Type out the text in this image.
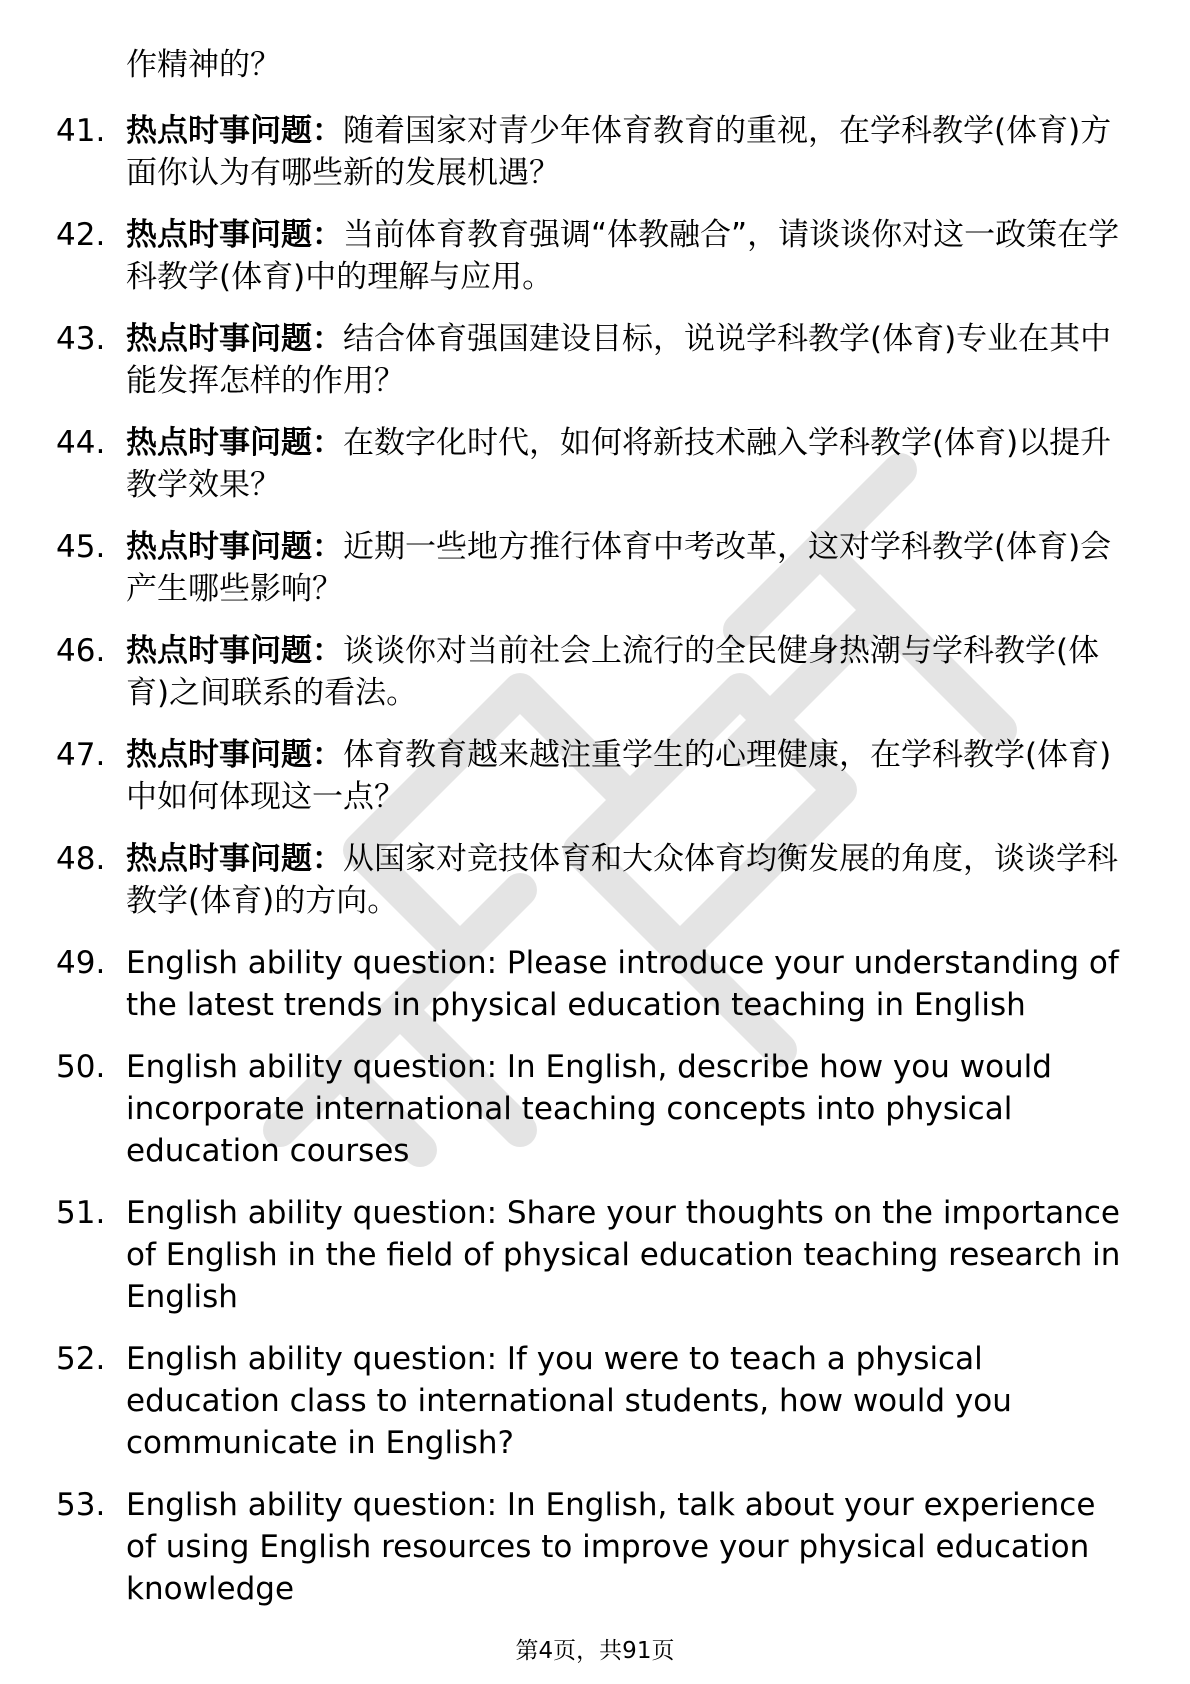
作精神的？

41. 热点时事问题：随着国家对青少年体育教育的重视，在学科教学(体育)方面你认为有哪些新的发展机遇？
42. 热点时事问题：当前体育教育强调“体教融合”，请谈谈你对这一政策在学科教学(体育)中的理解与应用。
43. 热点时事问题：结合体育强国建设目标，说说学科教学(体育)专业在其中能发挥怎样的作用？
44. 热点时事问题：在数字化时代，如何将新技术融入学科教学(体育)以提升教学效果？
45. 热点时事问题：近期一些地方推行体育中考改革，这对学科教学(体育)会产生哪些影响？
46. 热点时事问题：谈谈你对当前社会上流行的全民健身热潮与学科教学(体育)之间联系的看法。
47. 热点时事问题：体育教育越来越注重学生的心理健康，在学科教学(体育)中如何体现这一点？
48. 热点时事问题：从国家对竞技体育和大众体育均衡发展的角度，谈谈学科教学(体育)的方向。
49. English ability question: Please introduce your understanding of the latest trends in physical education teaching in English
50. English ability question: In English, describe how you would incorporate international teaching concepts into physical education courses
51. English ability question: Share your thoughts on the importance of English in the field of physical education teaching research in English
52. English ability question: If you were to teach a physical education class to international students, how would you communicate in English?
53. English ability question: In English, talk about your experience of using English resources to improve your physical education knowledge
第4页，共91页
